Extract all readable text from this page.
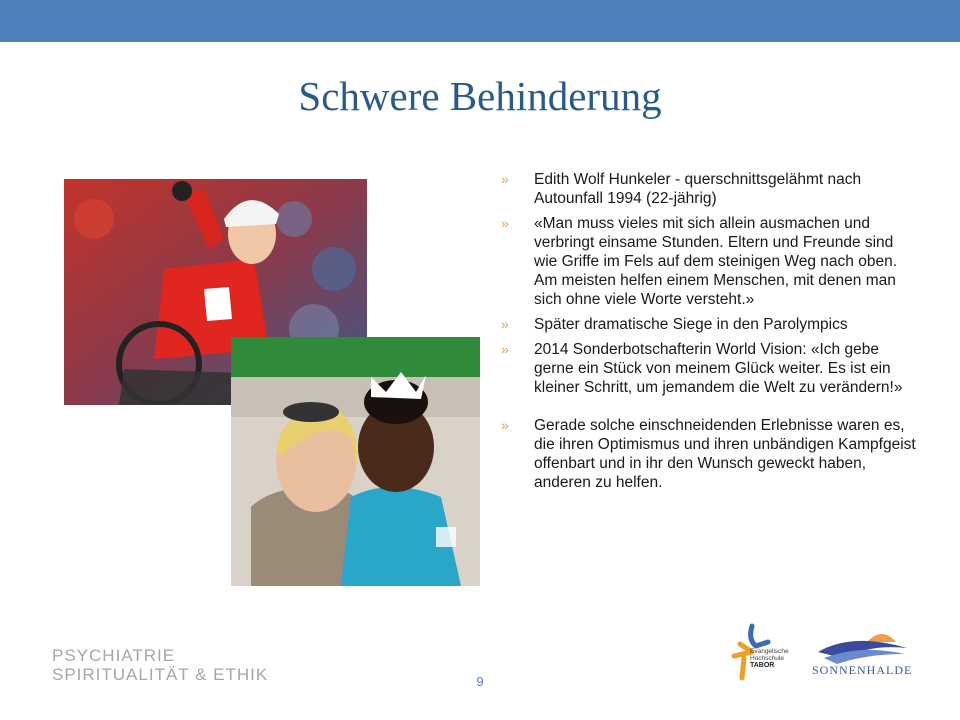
Schwere Behinderung
» Edith Wolf Hunkeler - querschnittsgelähmt nach Autounfall 1994 (22-jährig)
» «Man muss vieles mit sich allein ausmachen und verbringt einsame Stunden. Eltern und Freunde sind wie Griffe im Fels auf dem steinigen Weg nach oben. Am meisten helfen einem Menschen, mit denen man sich ohne viele Worte versteht.»
» Später dramatische Siege in den Parolympics
» 2014 Sonderbotschafterin World Vision: «Ich gebe gerne ein Stück von meinem Glück weiter. Es ist ein kleiner Schritt, um jemandem die Welt zu verändern!»
» Gerade solche einschneidenden Erlebnisse waren es, die ihren Optimismus und ihren unbändigen Kampfgeist offenbart und in ihr den Wunsch geweckt haben, anderen zu helfen.
PSYCHIATRIE
SPIRITUALITÄT & ETHIK	9
Evangelische
Hochschule
TABOR	SONNENHALDE
